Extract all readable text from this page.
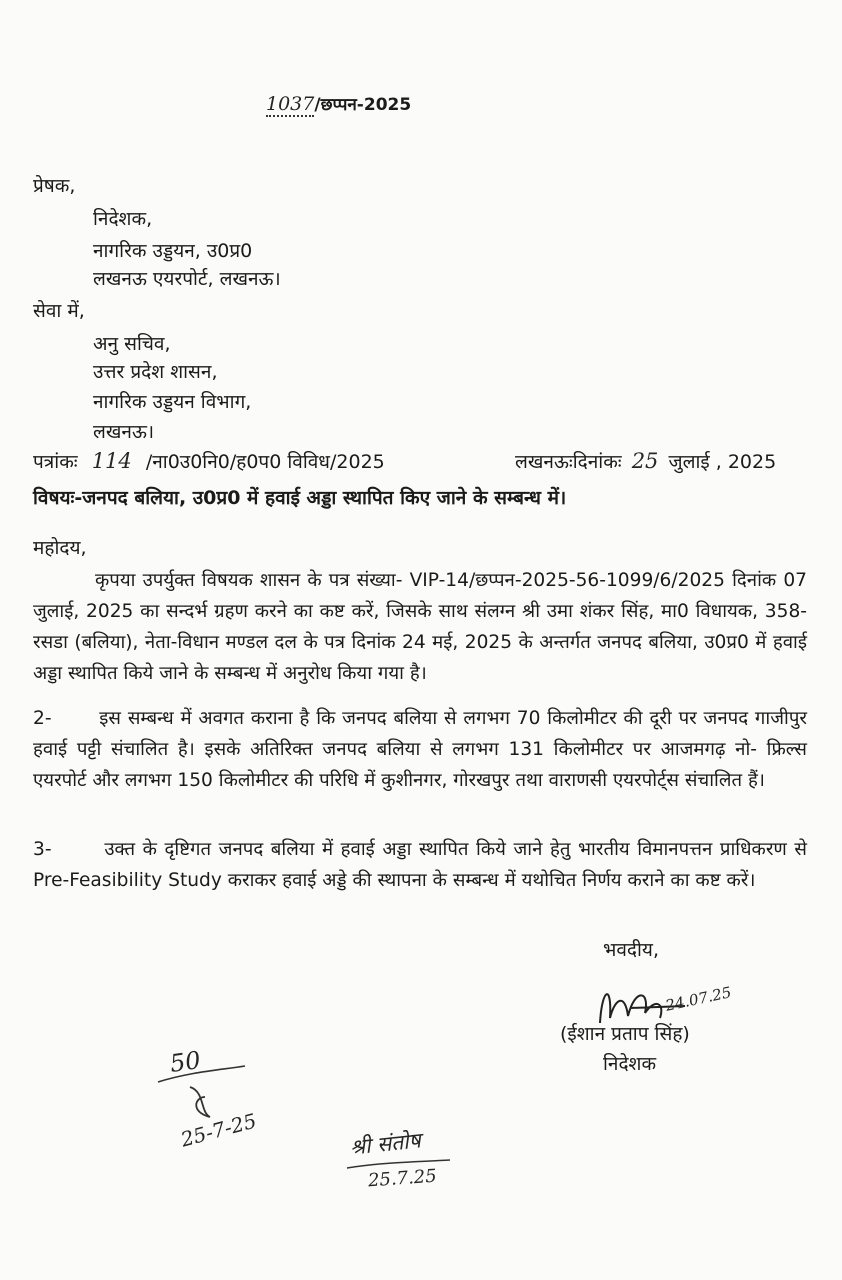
1037/छप्पन-2025
प्रेषक,
निदेशक,
नागरिक उड्डयन, उ0प्र0
लखनऊ एयरपोर्ट, लखनऊ।
सेवा में,
अनु सचिव,
उत्तर प्रदेश शासन,
नागरिक उड्डयन विभाग,
लखनऊ।
पत्रांकः 114 /ना0उ0नि0/ह0प0 विविध/2025	लखनऊःदिनांकः 25 जुलाई , 2025
विषयः-जनपद बलिया, उ0प्र0 में हवाई अड्डा स्थापित किए जाने के सम्बन्ध में।
महोदय,
कृपया उपर्युक्त विषयक शासन के पत्र संख्या- VIP-14/छप्पन-2025-56-1099/6/2025 दिनांक 07 जुलाई, 2025 का सन्दर्भ ग्रहण करने का कष्ट करें, जिसके साथ संलग्न श्री उमा शंकर सिंह, मा0 विधायक, 358-रसडा (बलिया), नेता-विधान मण्डल दल के पत्र दिनांक 24 मई, 2025 के अन्तर्गत जनपद बलिया, उ0प्र0 में हवाई अड्डा स्थापित किये जाने के सम्बन्ध में अनुरोध किया गया है।
2-       इस सम्बन्ध में अवगत कराना है कि जनपद बलिया से लगभग 70 किलोमीटर की दूरी पर जनपद गाजीपुर हवाई पट्टी संचालित है। इसके अतिरिक्त जनपद बलिया से लगभग 131 किलोमीटर पर आजमगढ़ नो- फ्रिल्स एयरपोर्ट और लगभग 150 किलोमीटर की परिधि में कुशीनगर, गोरखपुर तथा वाराणसी एयरपोर्ट्स संचालित हैं।
3-       उक्त के दृष्टिगत जनपद बलिया में हवाई अड्डा स्थापित किये जाने हेतु भारतीय विमानपत्तन प्राधिकरण से Pre-Feasibility Study कराकर हवाई अड्डे की स्थापना के सम्बन्ध में यथोचित निर्णय कराने का कष्ट करें।
भवदीय,
24.07.25
(ईशान प्रताप सिंह)
निदेशक
50
25-7-25	श्री संतोष
25.7.25
